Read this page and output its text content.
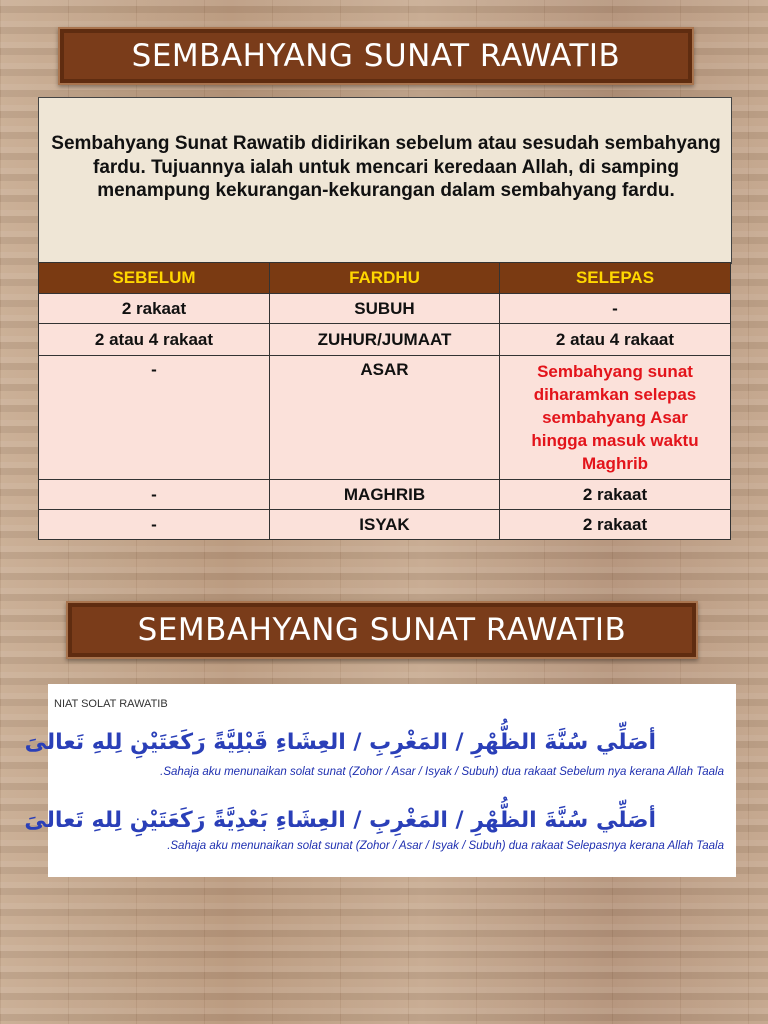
SEMBAHYANG SUNAT RAWATIB

Sembahyang Sunat Rawatib didirikan sebelum atau sesudah sembahyang fardu. Tujuannya ialah untuk mencari keredaan Allah, di samping menampung kekurangan-kekurangan dalam sembahyang fardu.

SEBELUM	FARDHU	SELEPAS
2 rakaat	SUBUH	-
2 atau 4 rakaat	ZUHUR/JUMAAT	2 atau 4 rakaat
-	ASAR	Sembahyang sunat diharamkan selepas sembahyang Asar hingga masuk waktu Maghrib

-	MAGHRIB	2 rakaat
-	ISYAK	2 rakaat
SEMBAHYANG SUNAT RAWATIB

NIAT SOLAT RAWATIB

أصَلِّي سُنَّةَ الظُّهْرِ / المَغْرِبِ / العِشَاءِ قَبْلِيَّةً رَكَعَتَيْنِ لِلهِ تَعالىَ

.Sahaja aku menunaikan solat sunat (Zohor / Asar / Isyak / Subuh) dua rakaat Sebelum nya kerana Allah Taala

أصَلِّي سُنَّةَ الظُّهْرِ / المَغْرِبِ / العِشَاءِ بَعْدِيَّةً رَكَعَتَيْنِ لِلهِ تَعالىَ

.Sahaja aku menunaikan solat sunat (Zohor / Asar / Isyak / Subuh) dua rakaat Selepasnya kerana Allah Taala
